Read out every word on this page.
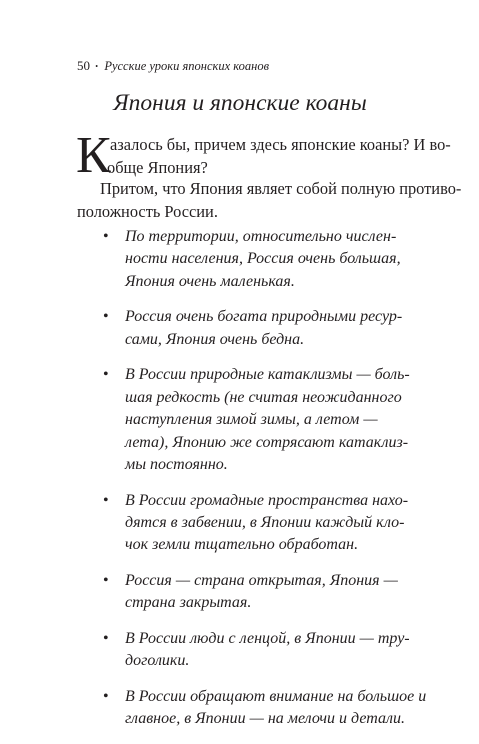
50 • Русские уроки японских коанов
Япония и японские коаны

К азалось бы, причем здесь японские коаны? И во-
обще Япония?

Притом, что Япония являет собой полную противо-
положность России.

• По территории, относительно числен-
ности населения, Россия очень большая,
Япония очень маленькая.
• Россия очень богата природными ресур-
сами, Япония очень бедна.
• В России природные катаклизмы — боль-
шая редкость (не считая неожиданного
наступления зимой зимы, а летом —
лета), Японию же сотрясают катаклиз-
мы постоянно.
• В России громадные пространства нахо-
дятся в забвении, в Японии каждый кло-
чок земли тщательно обработан.
• Россия — страна открытая, Япония —
страна закрытая.
• В России люди с ленцой, в Японии — тру-
доголики.
• В России обращают внимание на большое и
главное, в Японии — на мелочи и детали.
